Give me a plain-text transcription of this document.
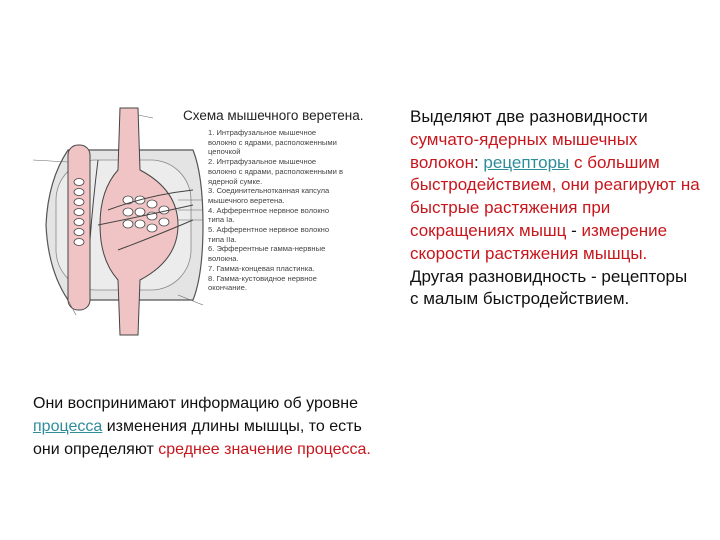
Схема мышечного веретена.
1. Интрафузальное мышечное
волокно с ядрами, расположенными
цепочкой
2. Интрафузальное мышечное
волокно с ядрами, расположенными в
ядерной сумке.
3. Соединительнотканная капсула
мышечного веретена.
4. Афферентное нервное волокно
типа Ia.
5. Афферентное нервное волокно
типа IIa.
6. Эфферентные гамма-нервные
волокна.
7. Гамма-концевая пластинка.
8. Гамма-кустовидное нервное
окончание.
Они воспринимают информацию об уровне процесса изменения длины мышцы, то есть они определяют среднее значение процесса.
Выделяют две разновидности сумчато-ядерных мышечных волокон: рецепторы с большим быстродействием, они реагируют на быстрые растяжения при сокращениях мышц - измерение скорости растяжения мышцы. Другая разновидность - рецепторы с малым быстродействием.
